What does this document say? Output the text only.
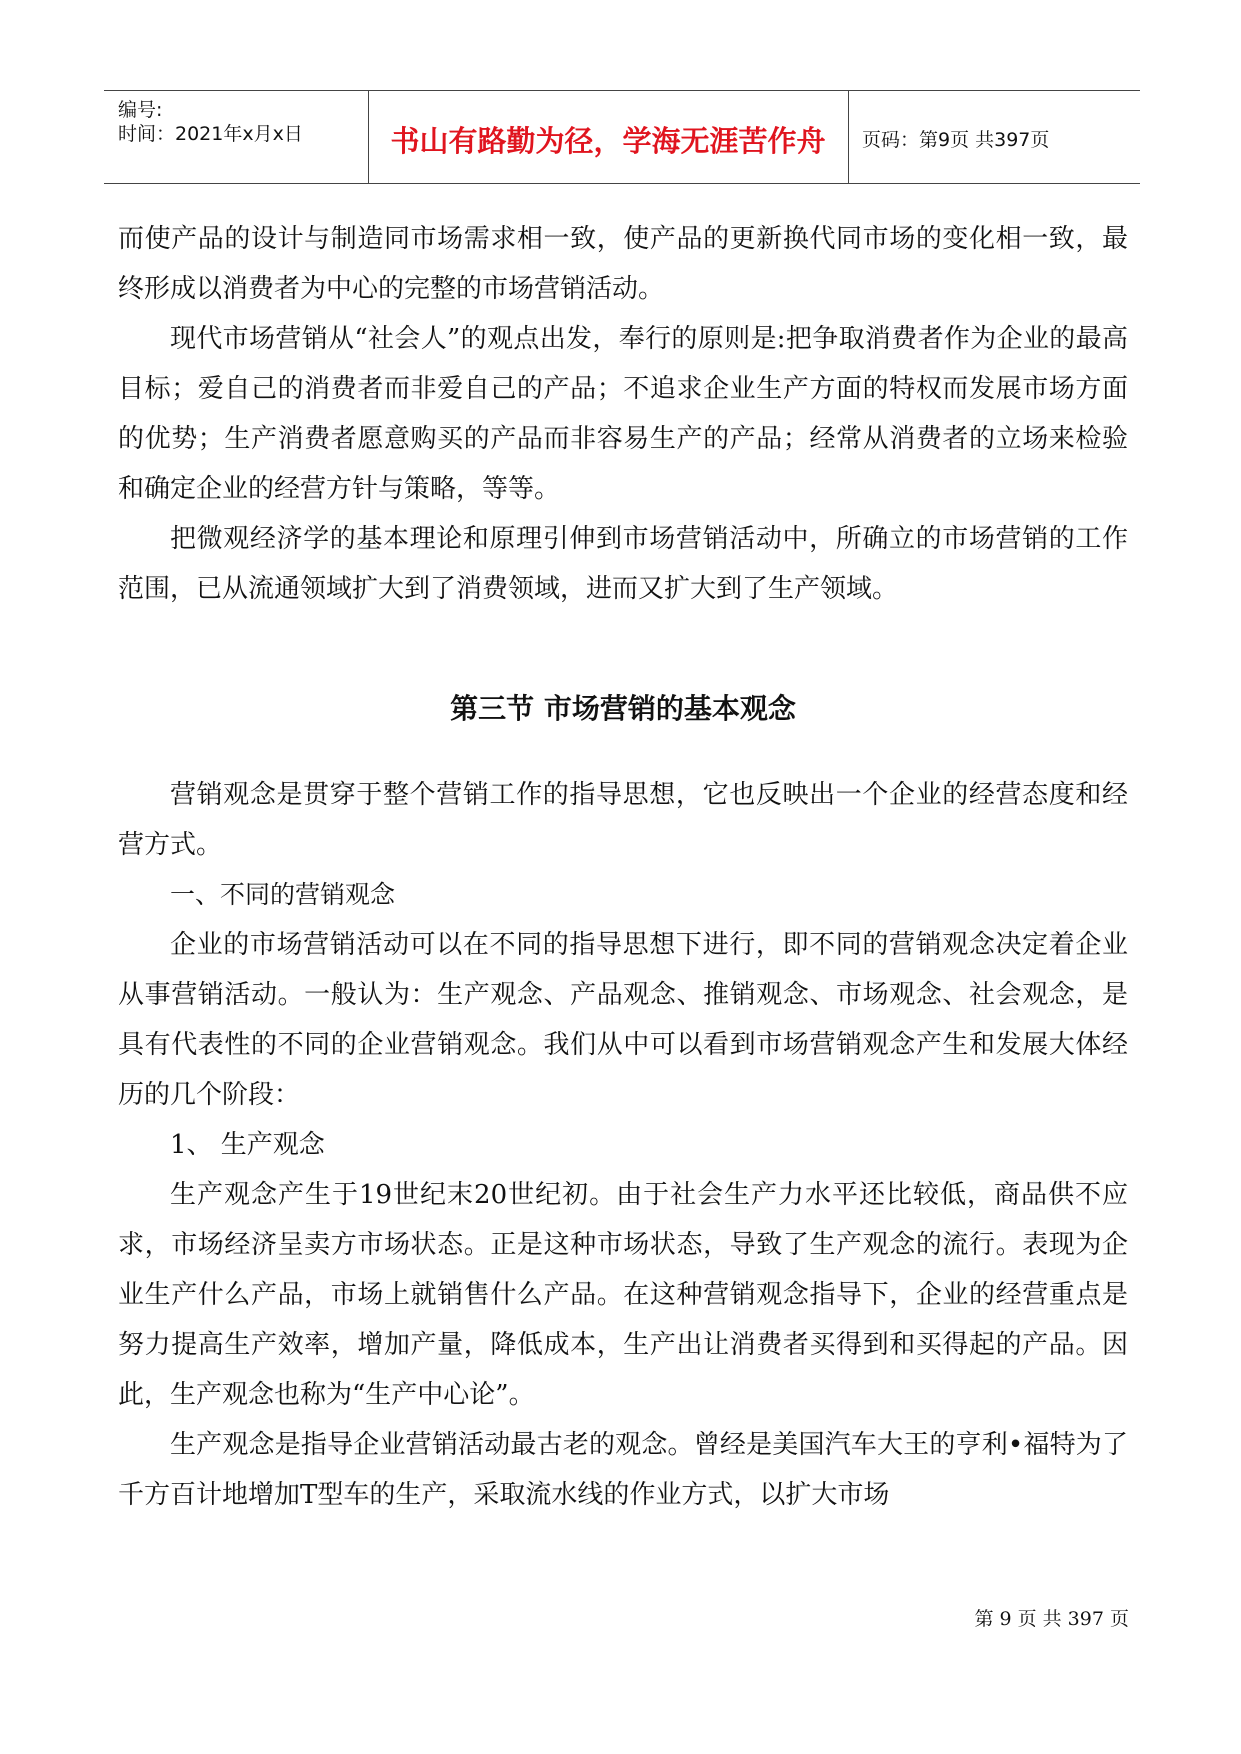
编号:
时间：2021年x月x日	书山有路勤为径，学海无涯苦作舟	页码：第9页 共397页

而使产品的设计与制造同市场需求相一致，使产品的更新换代同市场的变化相一致，最终形成以消费者为中心的完整的市场营销活动。

现代市场营销从“社会人”的观点出发，奉行的原则是:把争取消费者作为企业的最高目标；爱自己的消费者而非爱自己的产品；不追求企业生产方面的特权而发展市场方面的优势；生产消费者愿意购买的产品而非容易生产的产品；经常从消费者的立场来检验和确定企业的经营方针与策略，等等。

把微观经济学的基本理论和原理引伸到市场营销活动中，所确立的市场营销的工作范围，已从流通领域扩大到了消费领域，进而又扩大到了生产领域。

第三节 市场营销的基本观念

营销观念是贯穿于整个营销工作的指导思想，它也反映出一个企业的经营态度和经营方式。

一、不同的营销观念

企业的市场营销活动可以在不同的指导思想下进行，即不同的营销观念决定着企业从事营销活动。一般认为：生产观念、产品观念、推销观念、市场观念、社会观念，是具有代表性的不同的企业营销观念。我们从中可以看到市场营销观念产生和发展大体经历的几个阶段：

1、 生产观念

生产观念产生于19世纪末20世纪初。由于社会生产力水平还比较低，商品供不应求，市场经济呈卖方市场状态。正是这种市场状态，导致了生产观念的流行。表现为企业生产什么产品，市场上就销售什么产品。在这种营销观念指导下，企业的经营重点是努力提高生产效率，增加产量，降低成本，生产出让消费者买得到和买得起的产品。因此，生产观念也称为“生产中心论”。

生产观念是指导企业营销活动最古老的观念。曾经是美国汽车大王的亨利•福特为了千方百计地增加T型车的生产，采取流水线的作业方式，以扩大市场

第 9 页 共 397 页
